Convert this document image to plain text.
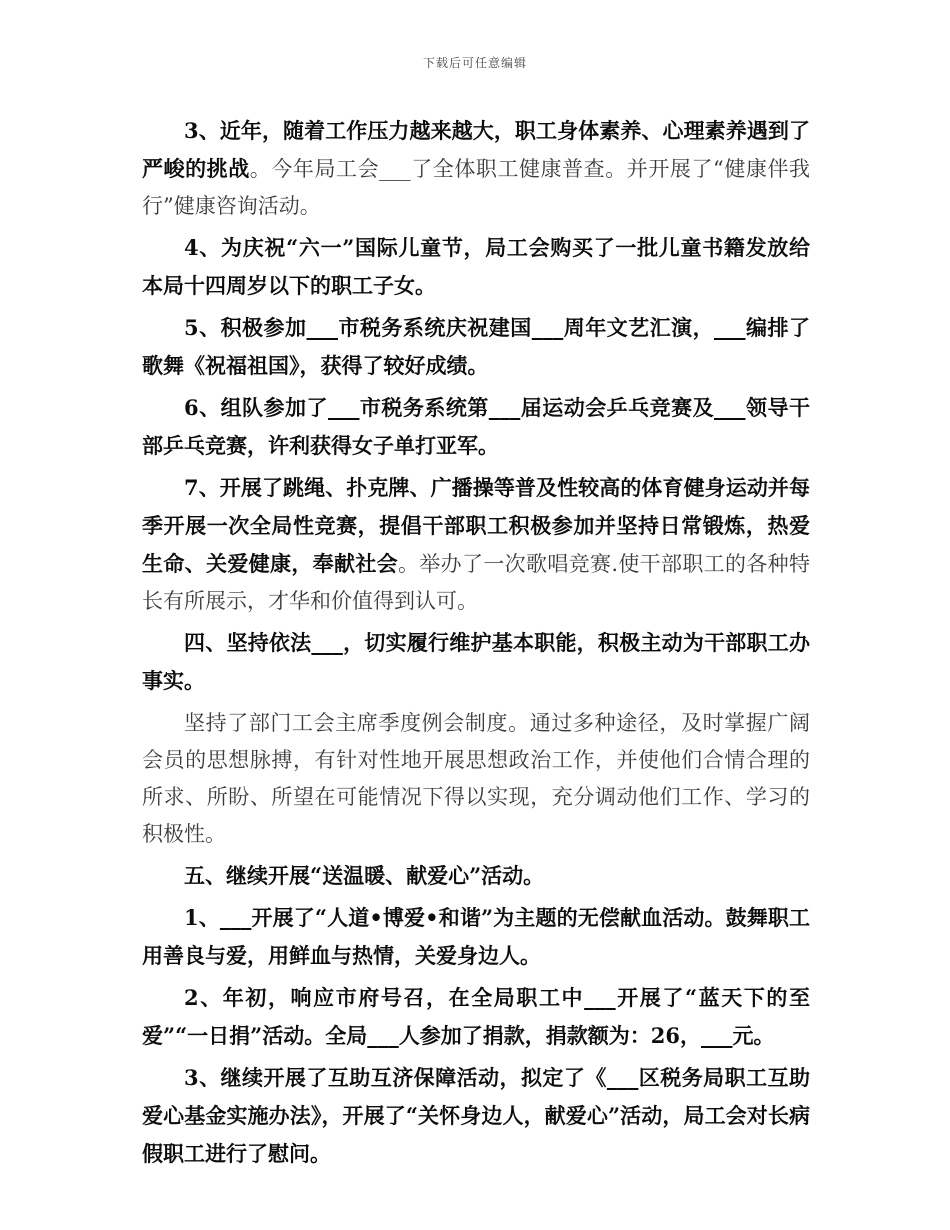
下载后可任意编辑

3、近年，随着工作压力越来越大，职工身体素养、心理素养遇到了严峻的挑战。今年局工会___了全体职工健康普查。并开展了“健康伴我行”健康咨询活动。

4、为庆祝“六一”国际儿童节，局工会购买了一批儿童书籍发放给本局十四周岁以下的职工子女。

5、积极参加___市税务系统庆祝建国___周年文艺汇演，___编排了歌舞《祝福祖国》，获得了较好成绩。

6、组队参加了___市税务系统第___届运动会乒乓竞赛及___领导干部乒乓竞赛，许利获得女子单打亚军。

7、开展了跳绳、扑克牌、广播操等普及性较高的体育健身运动并每季开展一次全局性竞赛，提倡干部职工积极参加并坚持日常锻炼，热爱生命、关爱健康，奉献社会。举办了一次歌唱竞赛.使干部职工的各种特长有所展示，才华和价值得到认可。

四、坚持依法___，切实履行维护基本职能，积极主动为干部职工办事实。

坚持了部门工会主席季度例会制度。通过多种途径，及时掌握广阔会员的思想脉搏，有针对性地开展思想政治工作，并使他们合情合理的所求、所盼、所望在可能情况下得以实现，充分调动他们工作、学习的积极性。

五、继续开展“送温暖、献爱心”活动。

1、___开展了“人道•博爱•和谐”为主题的无偿献血活动。鼓舞职工用善良与爱，用鲜血与热情，关爱身边人。

2、年初，响应市府号召，在全局职工中___开展了“蓝天下的至爱”“一日捐”活动。全局___人参加了捐款，捐款额为：26，___元。

3、继续开展了互助互济保障活动，拟定了《___区税务局职工互助爱心基金实施办法》，开展了“关怀身边人，献爱心”活动，局工会对长病假职工进行了慰问。
